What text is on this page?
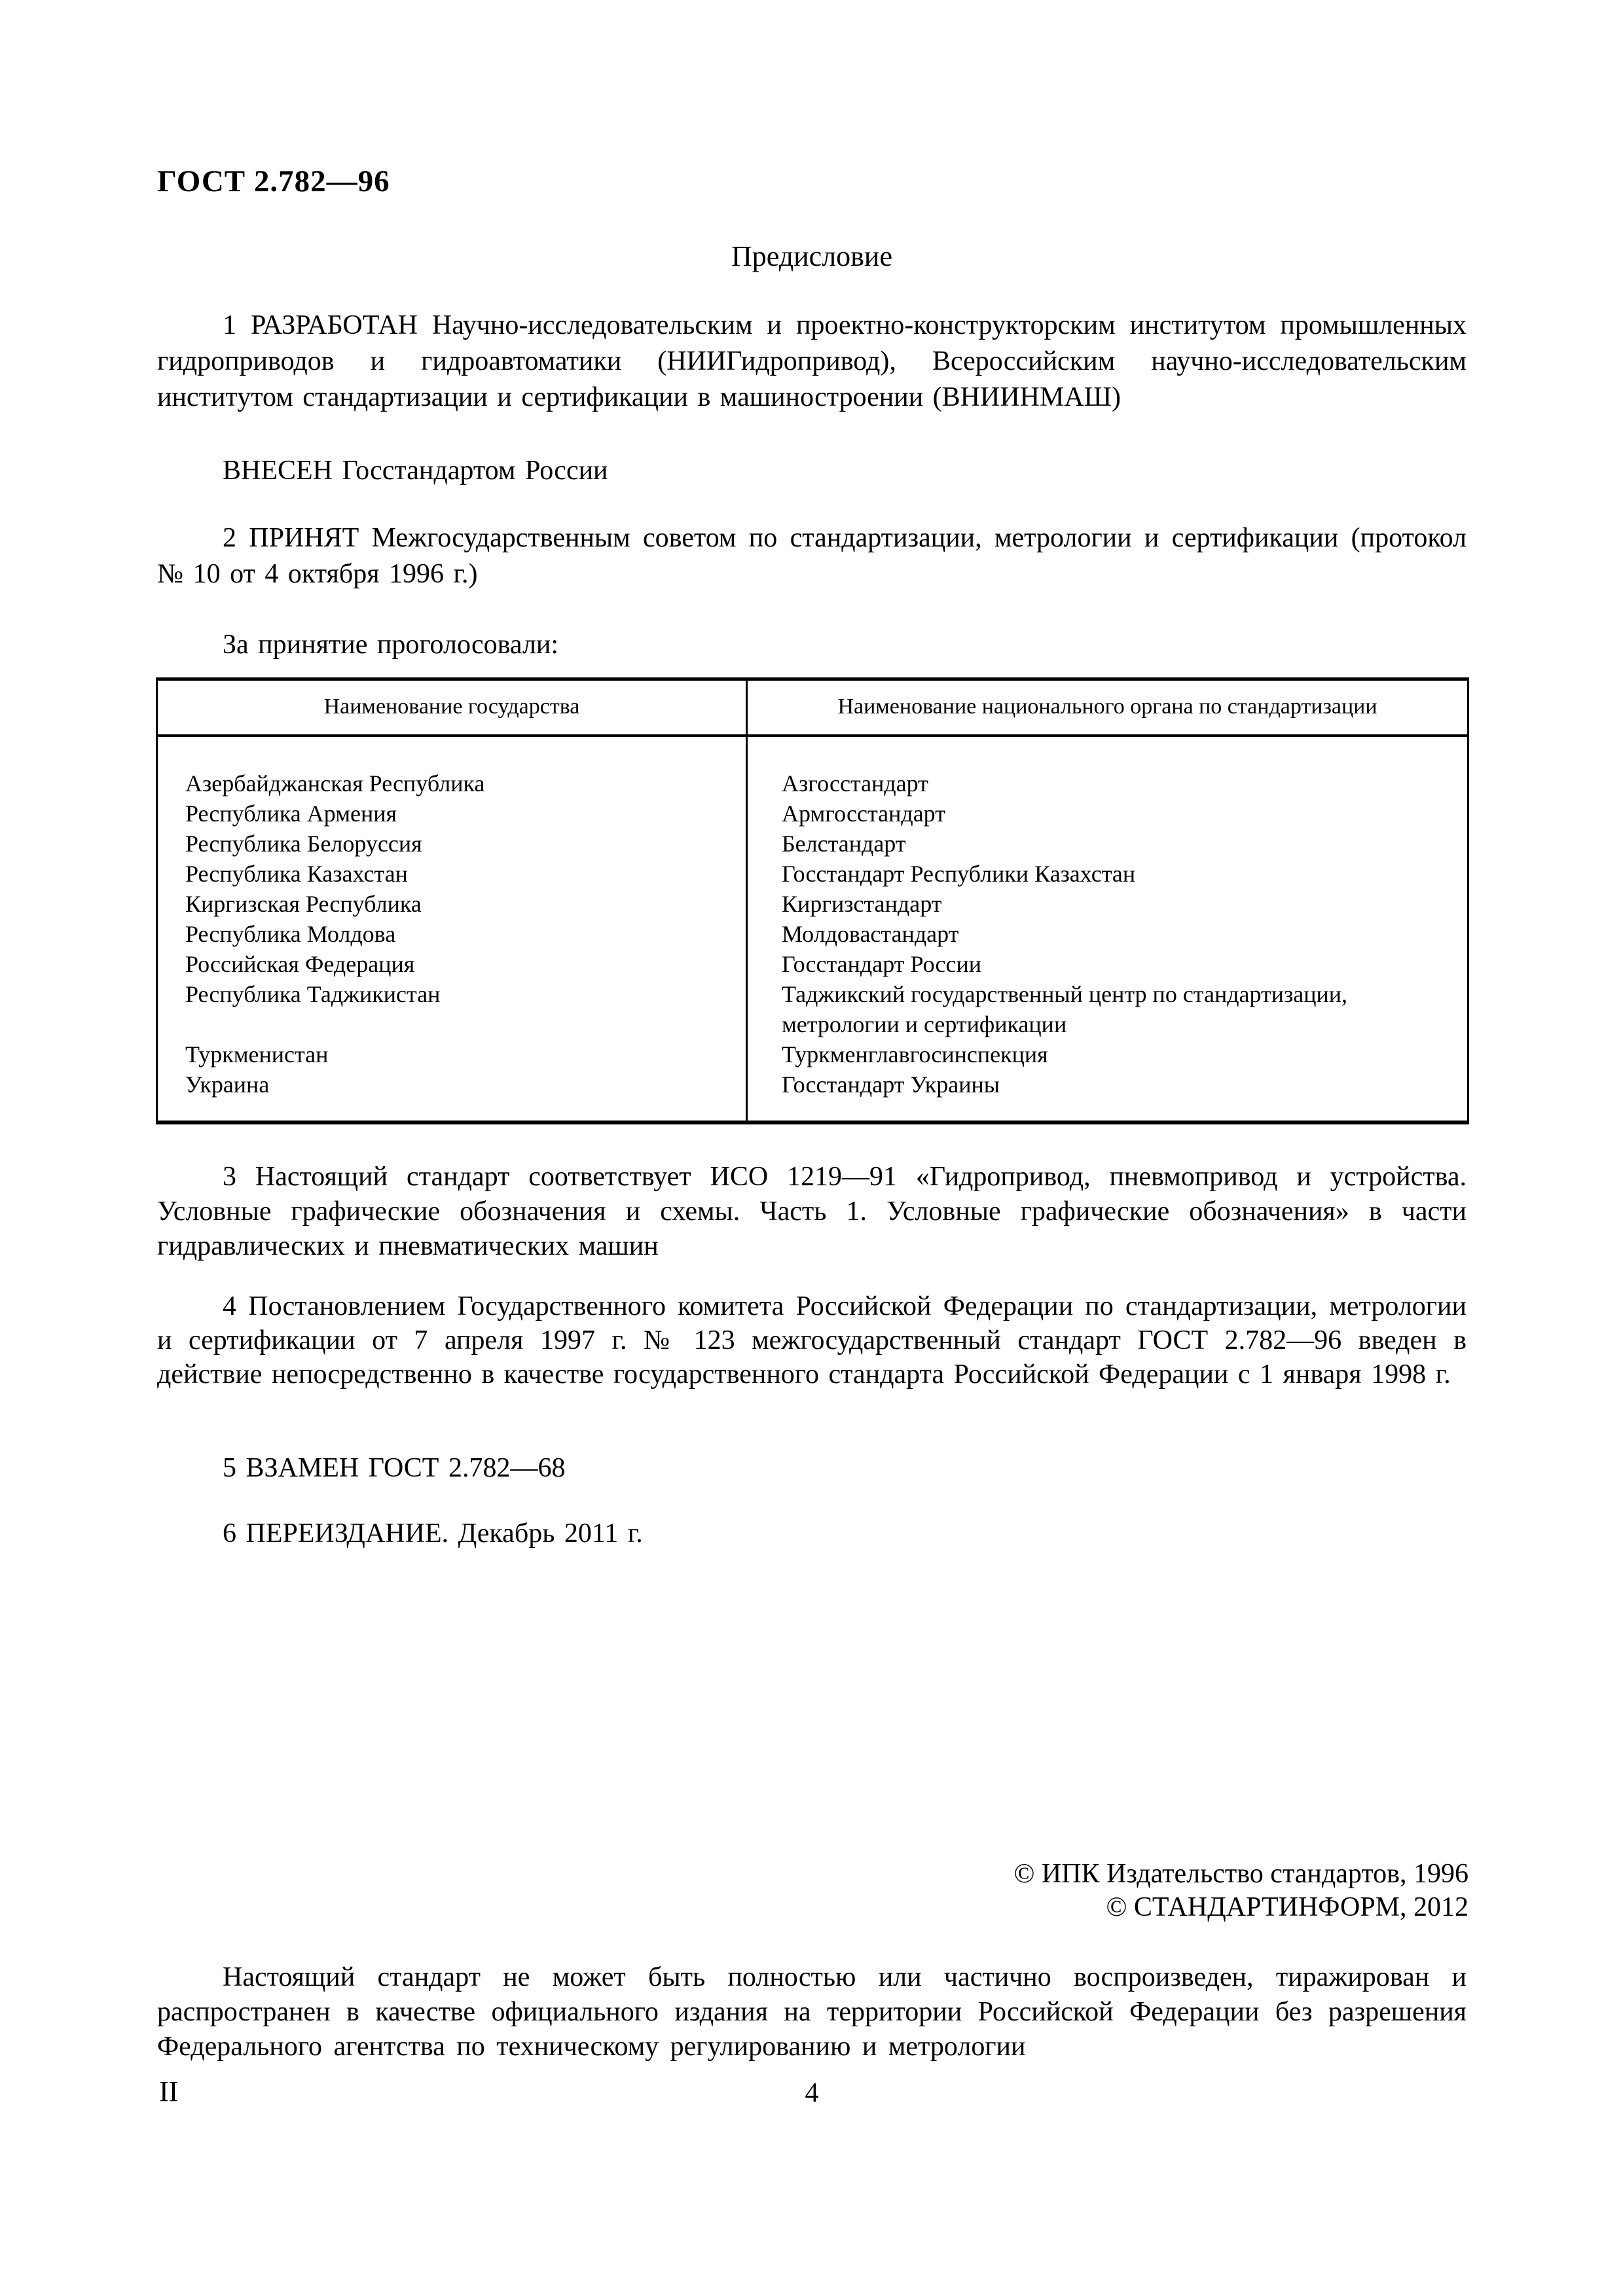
ГОСТ 2.782—96
Предисловие
1 РАЗРАБОТАН Научно-исследовательским и проектно-конструкторским институтом промышленных гидроприводов и гидроавтоматики (НИИГидропривод), Всероссийским научно-исследовательским институтом стандартизации и сертификации в машиностроении (ВНИИНМАШ)
ВНЕСЕН Госстандартом России
2 ПРИНЯТ Межгосударственным советом по стандартизации, метрологии и сертификации (протокол № 10 от 4 октября 1996 г.)
За принятие проголосовали:
Наименование государства	Наименование национального органа по стандартизации
Азербайджанская Республика	Азгосстандарт
Республика Армения	Армгосстандарт
Республика Белоруссия	Белстандарт
Республика Казахстан	Госстандарт Республики Казахстан
Киргизская Республика	Киргизстандарт
Республика Молдова	Молдовастандарт
Российская Федерация	Госстандарт России
Республика Таджикистан	Таджикский государственный центр по стандартизации, метрологии и сертификации
Туркменистан	Туркменглавгосинспекция
Украина	Госстандарт Украины
3 Настоящий стандарт соответствует ИСО 1219—91 «Гидропривод, пневмопривод и устройства. Условные графические обозначения и схемы. Часть 1. Условные графические обозначения» в части гидравлических и пневматических машин
4 Постановлением Государственного комитета Российской Федерации по стандартизации, метрологии и сертификации от 7 апреля 1997 г. № 123 межгосударственный стандарт ГОСТ 2.782—96 введен в действие непосредственно в качестве государственного стандарта Российской Федерации с 1 января 1998 г.
5 ВЗАМЕН ГОСТ 2.782—68
6 ПЕРЕИЗДАНИЕ. Декабрь 2011 г.
© ИПК Издательство стандартов, 1996
© СТАНДАРТИНФОРМ, 2012
Настоящий стандарт не может быть полностью или частично воспроизведен, тиражирован и распространен в качестве официального издания на территории Российской Федерации без разрешения Федерального агентства по техническому регулированию и метрологии
II	4
